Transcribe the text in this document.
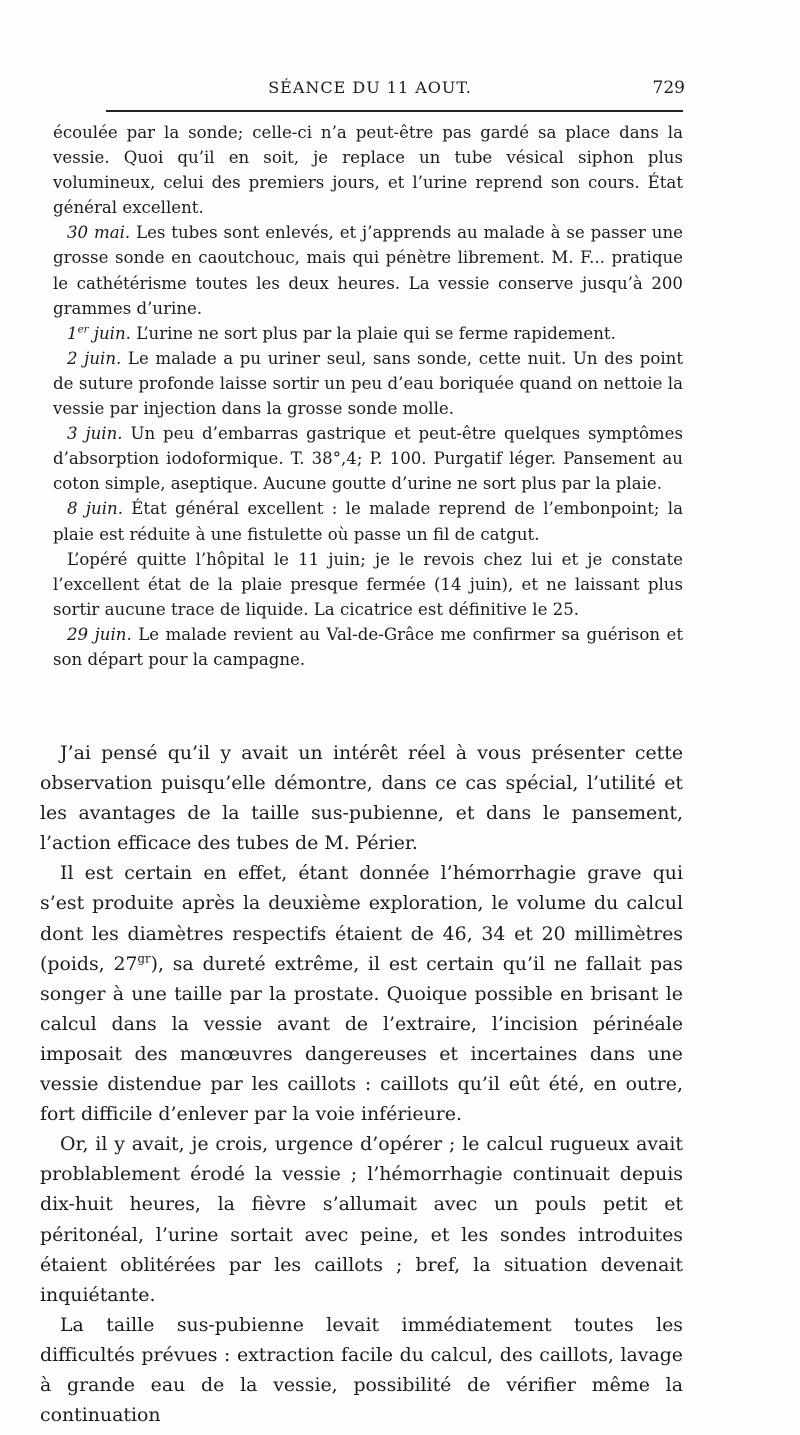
SÉANCE DU 11 AOUT.	729

écoulée par la sonde; celle-ci n’a peut-être pas gardé sa place dans la vessie. Quoi qu’il en soit, je replace un tube vésical siphon plus volumineux, celui des premiers jours, et l’urine reprend son cours. État général excellent.

30 mai. Les tubes sont enlevés, et j’apprends au malade à se passer une grosse sonde en caoutchouc, mais qui pénètre librement. M. F... pratique le cathétérisme toutes les deux heures. La vessie conserve jusqu’à 200 grammes d’urine.

1er juin. L’urine ne sort plus par la plaie qui se ferme rapidement.

2 juin. Le malade a pu uriner seul, sans sonde, cette nuit. Un des point de suture profonde laisse sortir un peu d’eau boriquée quand on nettoie la vessie par injection dans la grosse sonde molle.

3 juin. Un peu d’embarras gastrique et peut-être quelques symptômes d’absorption iodoformique. T. 38°,4; P. 100. Purgatif léger. Pansement au coton simple, aseptique. Aucune goutte d’urine ne sort plus par la plaie.

8 juin. État général excellent : le malade reprend de l’embonpoint; la plaie est réduite à une fistulette où passe un fil de catgut.

L’opéré quitte l’hôpital le 11 juin; je le revois chez lui et je constate l’excellent état de la plaie presque fermée (14 juin), et ne laissant plus sortir aucune trace de liquide. La cicatrice est définitive le 25.

29 juin. Le malade revient au Val-de-Grâce me confirmer sa guérison et son départ pour la campagne.

J’ai pensé qu’il y avait un intérêt réel à vous présenter cette observation puisqu’elle démontre, dans ce cas spécial, l’utilité et les avantages de la taille sus-pubienne, et dans le pansement, l’action efficace des tubes de M. Périer.

Il est certain en effet, étant donnée l’hémorrhagie grave qui s’est produite après la deuxième exploration, le volume du calcul dont les diamètres respectifs étaient de 46, 34 et 20 millimètres (poids, $27^{gr}$), sa dureté extrême, il est certain qu’il ne fallait pas songer à une taille par la prostate. Quoique possible en brisant le calcul dans la vessie avant de l’extraire, l’incision périnéale imposait des manœuvres dangereuses et incertaines dans une vessie distendue par les caillots : caillots qu’il eût été, en outre, fort difficile d’enlever par la voie inférieure.

Or, il y avait, je crois, urgence d’opérer ; le calcul rugueux avait problablement érodé la vessie ; l’hémorrhagie continuait depuis dix-huit heures, la fièvre s’allumait avec un pouls petit et péritonéal, l’urine sortait avec peine, et les sondes introduites étaient oblitérées par les caillots ; bref, la situation devenait inquiétante.

La taille sus-pubienne levait immédiatement toutes les difficultés prévues : extraction facile du calcul, des caillots, lavage à grande eau de la vessie, possibilité de vérifier même la continuation
